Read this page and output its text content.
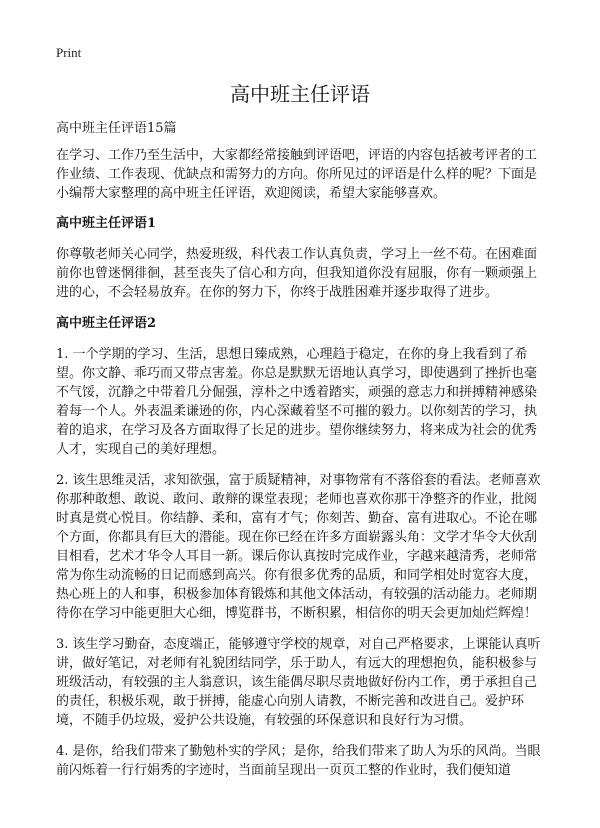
Print
高中班主任评语

高中班主任评语15篇

在学习、工作乃至生活中，大家都经常接触到评语吧，评语的内容包括被考评者的工作业绩、工作表现、优缺点和需努力的方向。你所见过的评语是什么样的呢？下面是小编帮大家整理的高中班主任评语，欢迎阅读，希望大家能够喜欢。

高中班主任评语1

你尊敬老师关心同学，热爱班级，科代表工作认真负责，学习上一丝不苟。在困难面前你也曾迷惘徘徊，甚至丧失了信心和方向，但我知道你没有屈服，你有一颗顽强上进的心，不会轻易放弃。在你的努力下，你终于战胜困难并逐步取得了进步。

高中班主任评语2

1. 一个学期的学习、生活，思想日臻成熟，心理趋于稳定，在你的身上我看到了希望。你文静、乖巧而又带点害羞。你总是默默无语地认真学习，即使遇到了挫折也毫不气馁，沉静之中带着几分倔强，淳朴之中透着踏实，顽强的意志力和拼搏精神感染着每一个人。外表温柔谦逊的你，内心深藏着坚不可摧的毅力。以你刻苦的学习，执着的追求，在学习及各方面取得了长足的进步。望你继续努力，将来成为社会的优秀人才，实现自己的美好理想。

2. 该生思维灵活，求知欲强，富于质疑精神，对事物常有不落俗套的看法。老师喜欢你那种敢想、敢说、敢问、敢辩的课堂表现；老师也喜欢你那干净整齐的作业，批阅时真是赏心悦目。你结静、柔和，富有才气；你刻苦、勤奋、富有进取心。不论在哪个方面，你都具有巨大的潜能。现在你已经在许多方面崭露头角：文学才华令大伙刮目相看，艺术才华令人耳目一新。课后你认真按时完成作业，字越来越清秀，老师常常为你生动流畅的日记而感到高兴。你有很多优秀的品质，和同学相处时宽容大度，热心班上的人和事，积极参加体育锻炼和其他文体活动，有较强的活动能力。老师期待你在学习中能更胆大心细，博览群书，不断积累，相信你的明天会更加灿烂辉煌！

3. 该生学习勤奋，态度端正，能够遵守学校的规章，对自己严格要求，上课能认真听讲，做好笔记，对老师有礼貌团结同学，乐于助人，有远大的理想抱负，能积极参与班级活动，有较强的主人翁意识，该生能偶尽职尽责地做好份内工作，勇于承担自己的责任，积极乐观，敢于拼搏，能虚心向别人请教，不断完善和改进自己。爱护环境，不随手仍垃圾，爱护公共设施，有较强的环保意识和良好行为习惯。

4. 是你，给我们带来了勤勉朴实的学风；是你，给我们带来了助人为乐的风尚。当眼前闪烁着一行行娟秀的字迹时，当面前呈现出一页页工整的作业时，我们便知道
